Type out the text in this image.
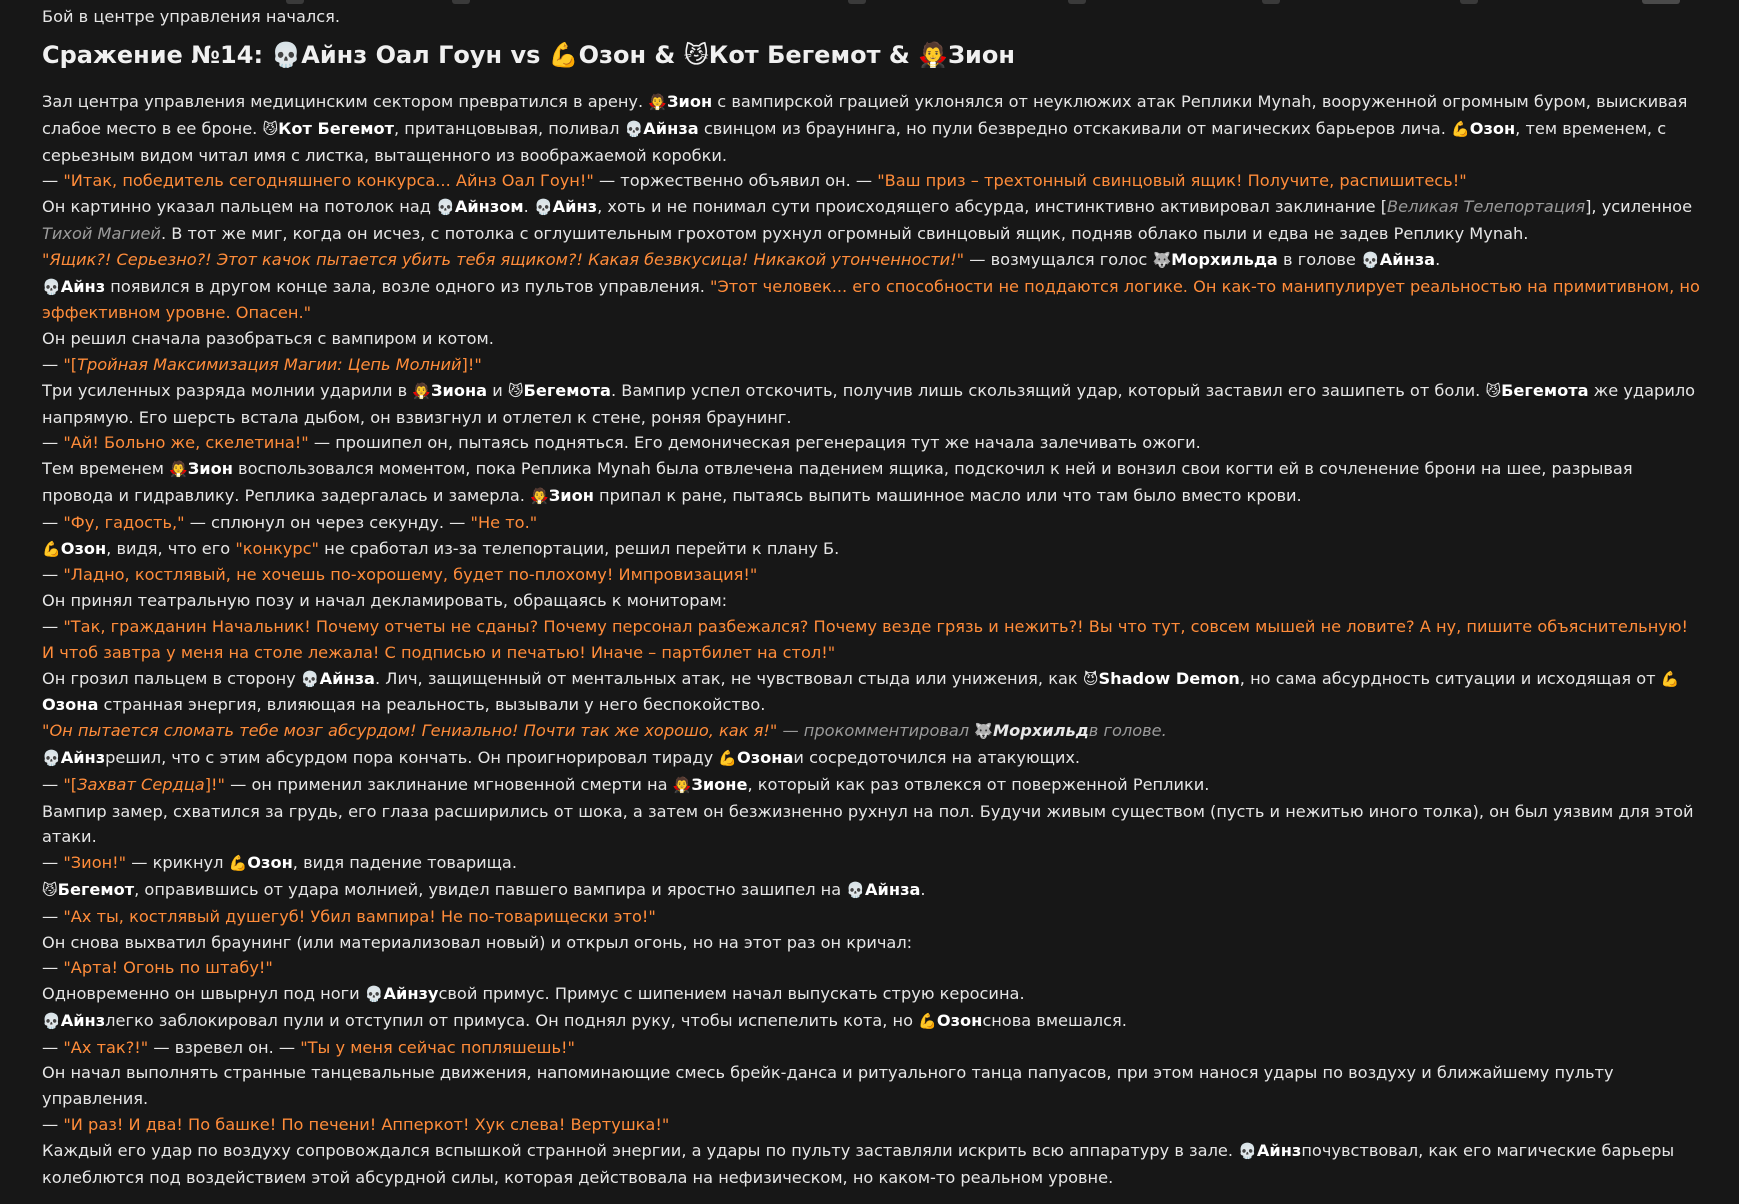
Бой в центре управления начался.

Сражение №14: 💀Айнз Оал Гоун vs 💪Озон & 😼Кот Бегемот & 🧛Зион

Зал центра управления медицинским сектором превратился в арену. 🧛Зион с вампирской грацией уклонялся от неуклюжих атак Реплики Mynah, вооруженной огромным буром, выискивая слабое место в ее броне. 😼Кот Бегемот, пританцовывая, поливал 💀Айнза свинцом из браунинга, но пули безвредно отскакивали от магических барьеров лича. 💪Озон, тем временем, с серьезным видом читал имя с листка, вытащенного из воображаемой коробки.

— "Итак, победитель сегодняшнего конкурса... Айнз Оал Гоун!" — торжественно объявил он. — "Ваш приз – трехтонный свинцовый ящик! Получите, распишитесь!"

Он картинно указал пальцем на потолок над 💀Айнзом. 💀Айнз, хоть и не понимал сути происходящего абсурда, инстинктивно активировал заклинание [Великая Телепортация], усиленное Тихой Магией. В тот же миг, когда он исчез, с потолка с оглушительным грохотом рухнул огромный свинцовый ящик, подняв облако пыли и едва не задев Реплику Mynah.

"Ящик?! Серьезно?! Этот качок пытается убить тебя ящиком?! Какая безвкусица! Никакой утонченности!" — возмущался голос 🐺Морхильда в голове 💀Айнза.

💀Айнз появился в другом конце зала, возле одного из пультов управления. "Этот человек... его способности не поддаются логике. Он как-то манипулирует реальностью на примитивном, но эффективном уровне. Опасен."

Он решил сначала разобраться с вампиром и котом.

— "[Тройная Максимизация Магии: Цепь Молний]!"

Три усиленных разряда молнии ударили в 🧛Зиона и 😼Бегемота. Вампир успел отскочить, получив лишь скользящий удар, который заставил его зашипеть от боли. 😼Бегемота же ударило напрямую. Его шерсть встала дыбом, он взвизгнул и отлетел к стене, роняя браунинг.

— "Ай! Больно же, скелетина!" — прошипел он, пытаясь подняться. Его демоническая регенерация тут же начала залечивать ожоги.

Тем временем 🧛Зион воспользовался моментом, пока Реплика Mynah была отвлечена падением ящика, подскочил к ней и вонзил свои когти ей в сочленение брони на шее, разрывая провода и гидравлику. Реплика задергалась и замерла. 🧛Зион припал к ране, пытаясь выпить машинное масло или что там было вместо крови.

— "Фу, гадость," — сплюнул он через секунду. — "Не то."

💪Озон, видя, что его "конкурс" не сработал из-за телепортации, решил перейти к плану Б.

— "Ладно, костлявый, не хочешь по-хорошему, будет по-плохому! Импровизация!"

Он принял театральную позу и начал декламировать, обращаясь к мониторам:

— "Так, гражданин Начальник! Почему отчеты не сданы? Почему персонал разбежался? Почему везде грязь и нежить?! Вы что тут, совсем мышей не ловите? А ну, пишите объяснительную! И чтоб завтра у меня на столе лежала! С подписью и печатью! Иначе – партбилет на стол!"

Он грозил пальцем в сторону 💀Айнза. Лич, защищенный от ментальных атак, не чувствовал стыда или унижения, как 😈Shadow Demon, но сама абсурдность ситуации и исходящая от 💪Озона странная энергия, влияющая на реальность, вызывали у него беспокойство.

"Он пытается сломать тебе мозг абсурдом! Гениально! Почти так же хорошо, как я!" — прокомментировал 🐺Морхильдв голове.

💀Айнзрешил, что с этим абсурдом пора кончать. Он проигнорировал тираду 💪Озонаи сосредоточился на атакующих.

— "[Захват Сердца]!" — он применил заклинание мгновенной смерти на 🧛Зионе, который как раз отвлекся от поверженной Реплики.

Вампир замер, схватился за грудь, его глаза расширились от шока, а затем он безжизненно рухнул на пол. Будучи живым существом (пусть и нежитью иного толка), он был уязвим для этой атаки.

— "Зион!" — крикнул 💪Озон, видя падение товарища.

😼Бегемот, оправившись от удара молнией, увидел павшего вампира и яростно зашипел на 💀Айнза.

— "Ах ты, костлявый душегуб! Убил вампира! Не по-товарищески это!"

Он снова выхватил браунинг (или материализовал новый) и открыл огонь, но на этот раз он кричал:

— "Арта! Огонь по штабу!"

Одновременно он швырнул под ноги 💀Айнзусвой примус. Примус с шипением начал выпускать струю керосина.

💀Айнзлегко заблокировал пули и отступил от примуса. Он поднял руку, чтобы испепелить кота, но 💪Озонснова вмешался.

— "Ах так?!" — взревел он. — "Ты у меня сейчас попляшешь!"

Он начал выполнять странные танцевальные движения, напоминающие смесь брейк-данса и ритуального танца папуасов, при этом нанося удары по воздуху и ближайшему пульту управления.

— "И раз! И два! По башке! По печени! Апперкот! Хук слева! Вертушка!"

Каждый его удар по воздуху сопровождался вспышкой странной энергии, а удары по пульту заставляли искрить всю аппаратуру в зале. 💀Айнзпочувствовал, как его магические барьеры колеблются под воздействием этой абсурдной силы, которая действовала на нефизическом, но каком-то реальном уровне.
